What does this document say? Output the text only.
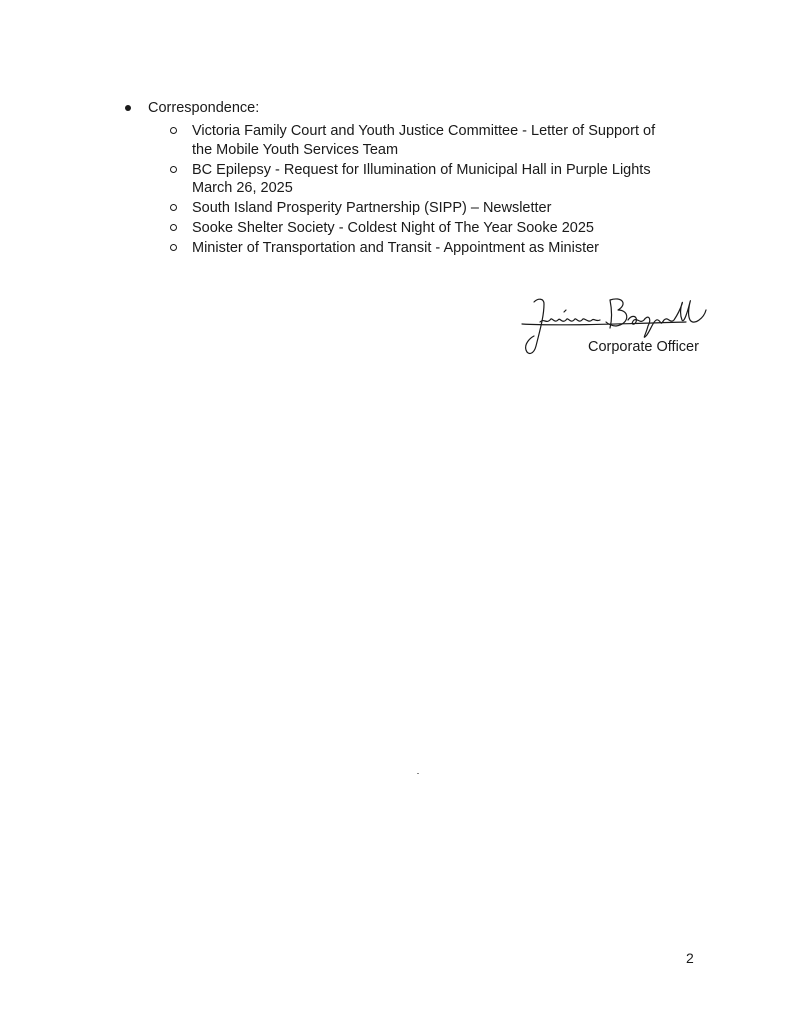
Correspondence:
Victoria Family Court and Youth Justice Committee - Letter of Support of the Mobile Youth Services Team
BC Epilepsy - Request for Illumination of Municipal Hall in Purple Lights March 26, 2025
South Island Prosperity Partnership (SIPP) – Newsletter
Sooke Shelter Society - Coldest Night of The Year Sooke 2025
Minister of Transportation and Transit - Appointment as Minister
Corporate Officer
2
